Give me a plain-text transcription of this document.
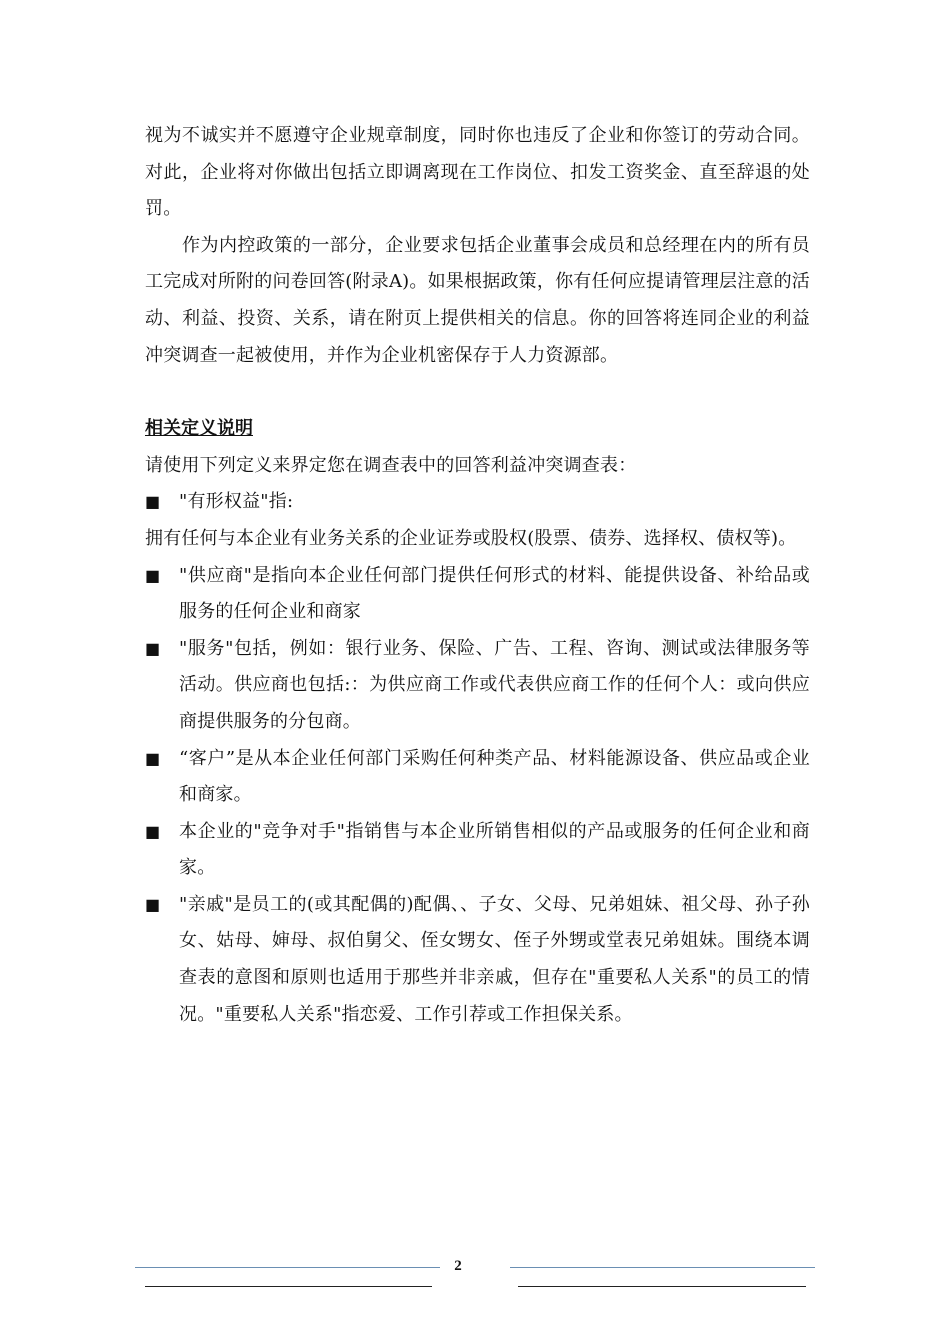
视为不诚实并不愿遵守企业规章制度，同时你也违反了企业和你签订的劳动合同。对此，企业将对你做出包括立即调离现在工作岗位、扣发工资奖金、直至辞退的处罚。

作为内控政策的一部分，企业要求包括企业董事会成员和总经理在内的所有员工完成对所附的问卷回答(附录A)。如果根据政策，你有任何应提请管理层注意的活动、利益、投资、关系，请在附页上提供相关的信息。你的回答将连同企业的利益冲突调查一起被使用，并作为企业机密保存于人力资源部。

相关定义说明

请使用下列定义来界定您在调查表中的回答利益冲突调查表：

■ "有形权益"指:

拥有任何与本企业有业务关系的企业证券或股权(股票、债券、选择权、债权等)。

■ "供应商"是指向本企业任何部门提供任何形式的材料、能提供设备、补给品或服务的任何企业和商家
■ "服务"包括，例如：银行业务、保险、广告、工程、咨询、测试或法律服务等活动。供应商也包括:：为供应商工作或代表供应商工作的任何个人：或向供应商提供服务的分包商。
■ “客户”是从本企业任何部门采购任何种类产品、材料能源设备、供应品或企业和商家。
■ 本企业的"竞争对手"指销售与本企业所销售相似的产品或服务的任何企业和商家。
■ "亲戚"是员工的(或其配偶的)配偶、、子女、父母、兄弟姐妹、祖父母、孙子孙女、姑母、婶母、叔伯舅父、侄女甥女、侄子外甥或堂表兄弟姐妹。围绕本调查表的意图和原则也适用于那些并非亲戚，但存在"重要私人关系"的员工的情况。"重要私人关系"指恋爱、工作引荐或工作担保关系。
2
